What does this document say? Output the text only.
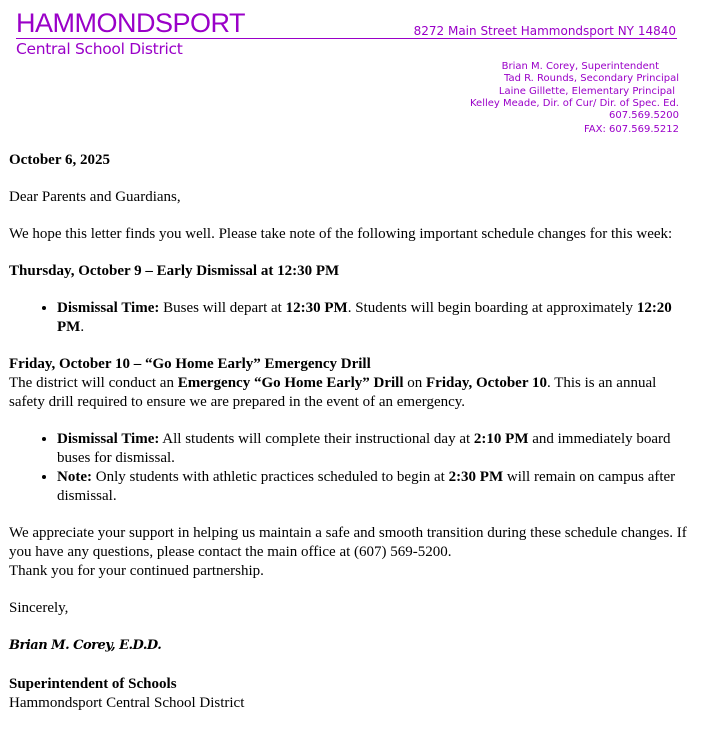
HAMMONDSPORT	8272 Main Street Hammondsport NY 14840
Central School District
Brian M. Corey, Superintendent
Tad R. Rounds, Secondary Principal
Laine Gillette, Elementary Principal
Kelley Meade, Dir. of Cur/ Dir. of Spec. Ed.
607.569.5200
FAX: 607.569.5212

October 6, 2025

Dear Parents and Guardians,

We hope this letter finds you well. Please take note of the following important schedule changes for this week:

Thursday, October 9 – Early Dismissal at 12:30 PM

• Dismissal Time: Buses will depart at 12:30 PM. Students will begin boarding at approximately 12:20 PM.

Friday, October 10 – “Go Home Early” Emergency Drill

The district will conduct an Emergency “Go Home Early” Drill on Friday, October 10. This is an annual safety drill required to ensure we are prepared in the event of an emergency.

• Dismissal Time: All students will complete their instructional day at 2:10 PM and immediately board buses for dismissal.
• Note: Only students with athletic practices scheduled to begin at 2:30 PM will remain on campus after dismissal.

We appreciate your support in helping us maintain a safe and smooth transition during these schedule changes. If you have any questions, please contact the main office at (607) 569-5200.

Thank you for your continued partnership.

Sincerely,

Brian M. Corey, E.D.D.
Superintendent of Schools
Hammondsport Central School District
